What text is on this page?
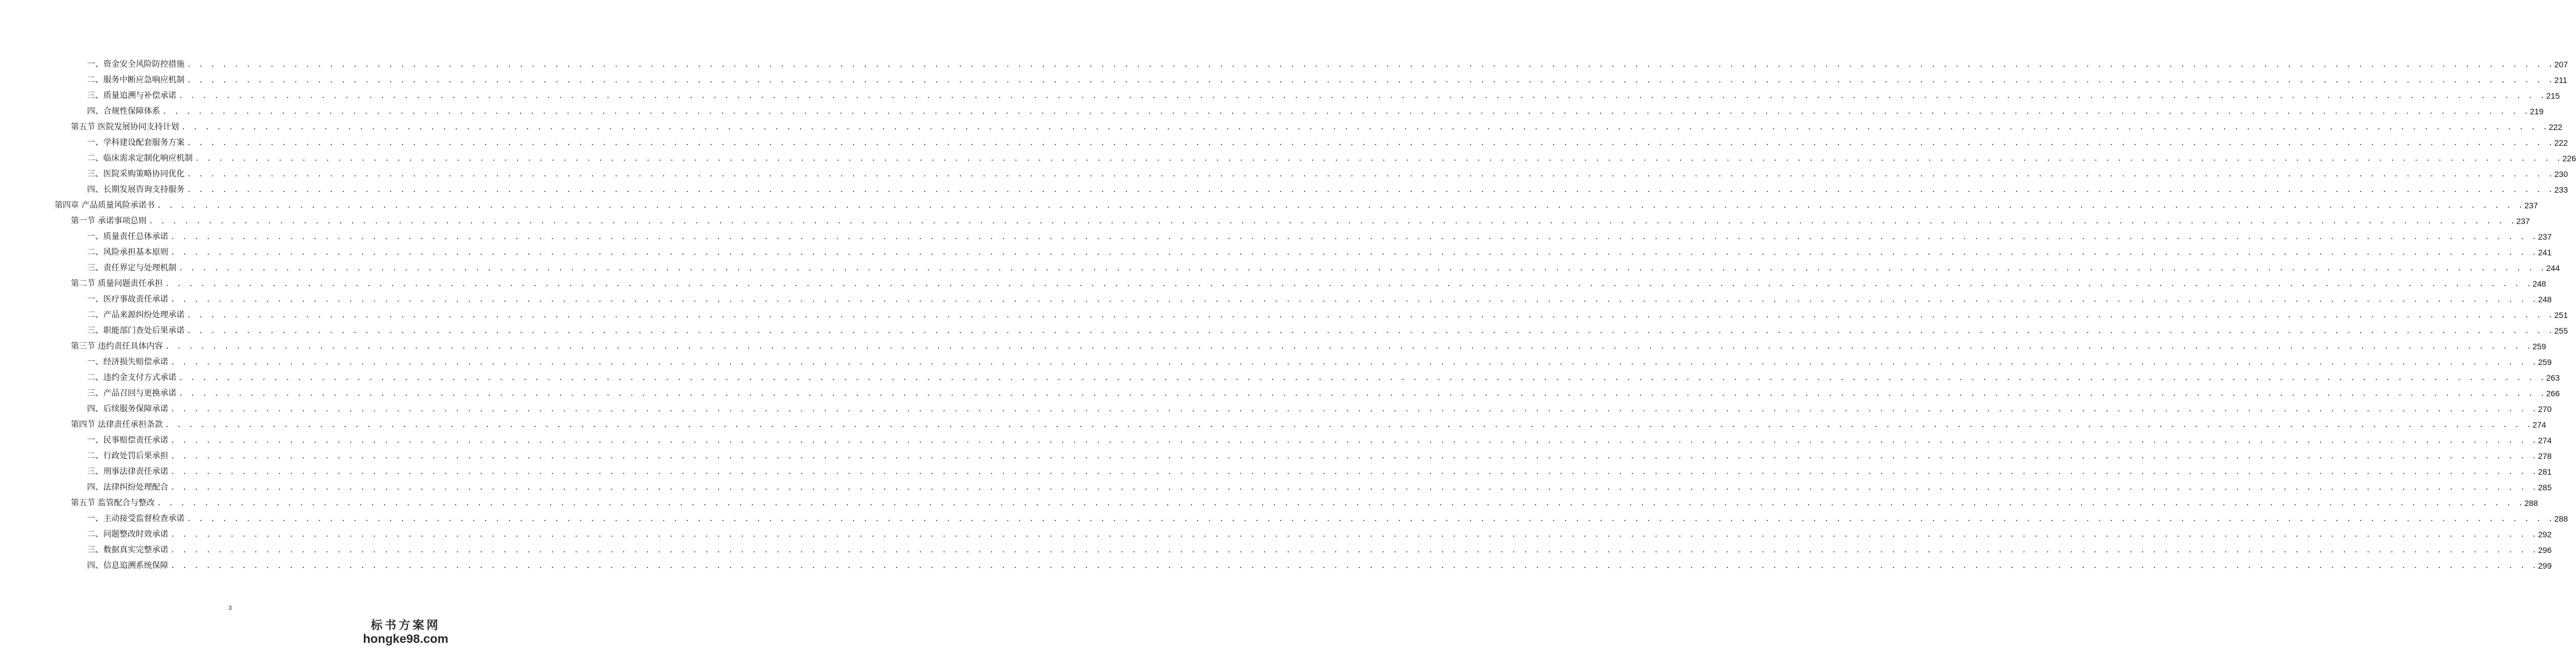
一、资金安全风险防控措施 . . . . . . . . . . . . . . . . . . . . . . . . . . . . . . . . . . . . . . . . . . . . . . . . . . . . . . . . . . . . . . . . . . . . . . . . . . . . . . . . . . . . . . . . . . . . . . . . . . . . . . . . . . . . . . . . . . . . . . . . . . . . . . . . . . . . . . . . . . . . . . . . . . . . . . . . . . . . . . . . . . . . . . . . . . . . . . . . . . . . . . . . . . . . . . . . . . . . . . . . 207
二、服务中断应急响应机制 . . . . . . . . . . . . . . . . . . . . . . . . . . . . . . . . . . . . . . . . . . . . . . . . . . . . . . . . . . . . . . . . . . . . . . . . . . . . . . . . . . . . . . . . . . . . . . . . . . . . . . . . . . . . . . . . . . . . . . . . . . . . . . . . . . . . . . . . . . . . . . . . . . . . . . . . . . . . . . . . . . . . . . . . . . . . . . . . . . . . . . . . . . . . . . . . . . . . . . . . 211
三、质量追溯与补偿承诺 . . . . . . . . . . . . . . . . . . . . . . . . . . . . . . . . . . . . . . . . . . . . . . . . . . . . . . . . . . . . . . . . . . . . . . . . . . . . . . . . . . . . . . . . . . . . . . . . . . . . . . . . . . . . . . . . . . . . . . . . . . . . . . . . . . . . . . . . . . . . . . . . . . . . . . . . . . . . . . . . . . . . . . . . . . . . . . . . . . . . . . . . . . . . . . . . . . . . . . . . 215
四、合规性保障体系 . . . . . . . . . . . . . . . . . . . . . . . . . . . . . . . . . . . . . . . . . . . . . . . . . . . . . . . . . . . . . . . . . . . . . . . . . . . . . . . . . . . . . . . . . . . . . . . . . . . . . . . . . . . . . . . . . . . . . . . . . . . . . . . . . . . . . . . . . . . . . . . . . . . . . . . . . . . . . . . . . . . . . . . . . . . . . . . . . . . . . . . . . . . . . . . . . . . . . . . . 219
第五节 医院发展协同支持计划 . . . . . . . . . . . . . . . . . . . . . . . . . . . . . . . . . . . . . . . . . . . . . . . . . . . . . . . . . . . . . . . . . . . . . . . . . . . . . . . . . . . . . . . . . . . . . . . . . . . . . . . . . . . . . . . . . . . . . . . . . . . . . . . . . . . . . . . . . . . . . . . . . . . . . . . . . . . . . . . . . . . . . . . . . . . . . . . . . . . . . . . . . . . . . . . . . . . . . . . . 222
一、学科建设配套服务方案 . . . . . . . . . . . . . . . . . . . . . . . . . . . . . . . . . . . . . . . . . . . . . . . . . . . . . . . . . . . . . . . . . . . . . . . . . . . . . . . . . . . . . . . . . . . . . . . . . . . . . . . . . . . . . . . . . . . . . . . . . . . . . . . . . . . . . . . . . . . . . . . . . . . . . . . . . . . . . . . . . . . . . . . . . . . . . . . . . . . . . . . . . . . . . . . . . . . . . . . . 222
二、临床需求定制化响应机制 . . . . . . . . . . . . . . . . . . . . . . . . . . . . . . . . . . . . . . . . . . . . . . . . . . . . . . . . . . . . . . . . . . . . . . . . . . . . . . . . . . . . . . . . . . . . . . . . . . . . . . . . . . . . . . . . . . . . . . . . . . . . . . . . . . . . . . . . . . . . . . . . . . . . . . . . . . . . . . . . . . . . . . . . . . . . . . . . . . . . . . . . . . . . . . . . . . . . . . . . 226
三、医院采购策略协同优化 . . . . . . . . . . . . . . . . . . . . . . . . . . . . . . . . . . . . . . . . . . . . . . . . . . . . . . . . . . . . . . . . . . . . . . . . . . . . . . . . . . . . . . . . . . . . . . . . . . . . . . . . . . . . . . . . . . . . . . . . . . . . . . . . . . . . . . . . . . . . . . . . . . . . . . . . . . . . . . . . . . . . . . . . . . . . . . . . . . . . . . . . . . . . . . . . . . . . . . . . 230
四、长期发展咨询支持服务 . . . . . . . . . . . . . . . . . . . . . . . . . . . . . . . . . . . . . . . . . . . . . . . . . . . . . . . . . . . . . . . . . . . . . . . . . . . . . . . . . . . . . . . . . . . . . . . . . . . . . . . . . . . . . . . . . . . . . . . . . . . . . . . . . . . . . . . . . . . . . . . . . . . . . . . . . . . . . . . . . . . . . . . . . . . . . . . . . . . . . . . . . . . . . . . . . . . . . . . . 233
第四章 产品质量风险承诺书 . . . . . . . . . . . . . . . . . . . . . . . . . . . . . . . . . . . . . . . . . . . . . . . . . . . . . . . . . . . . . . . . . . . . . . . . . . . . . . . . . . . . . . . . . . . . . . . . . . . . . . . . . . . . . . . . . . . . . . . . . . . . . . . . . . . . . . . . . . . . . . . . . . . . . . . . . . . . . . . . . . . . . . . . . . . . . . . . . . . . . . . . . . . . . . . . . . . . . . . . 237
第一节 承诺事项总则 . . . . . . . . . . . . . . . . . . . . . . . . . . . . . . . . . . . . . . . . . . . . . . . . . . . . . . . . . . . . . . . . . . . . . . . . . . . . . . . . . . . . . . . . . . . . . . . . . . . . . . . . . . . . . . . . . . . . . . . . . . . . . . . . . . . . . . . . . . . . . . . . . . . . . . . . . . . . . . . . . . . . . . . . . . . . . . . . . . . . . . . . . . . . . . . . . . . . . . . . 237
一、质量责任总体承诺 . . . . . . . . . . . . . . . . . . . . . . . . . . . . . . . . . . . . . . . . . . . . . . . . . . . . . . . . . . . . . . . . . . . . . . . . . . . . . . . . . . . . . . . . . . . . . . . . . . . . . . . . . . . . . . . . . . . . . . . . . . . . . . . . . . . . . . . . . . . . . . . . . . . . . . . . . . . . . . . . . . . . . . . . . . . . . . . . . . . . . . . . . . . . . . . . . . . . . . . . 237
二、风险承担基本原则 . . . . . . . . . . . . . . . . . . . . . . . . . . . . . . . . . . . . . . . . . . . . . . . . . . . . . . . . . . . . . . . . . . . . . . . . . . . . . . . . . . . . . . . . . . . . . . . . . . . . . . . . . . . . . . . . . . . . . . . . . . . . . . . . . . . . . . . . . . . . . . . . . . . . . . . . . . . . . . . . . . . . . . . . . . . . . . . . . . . . . . . . . . . . . . . . . . . . . . . . 241
三、责任界定与处理机制 . . . . . . . . . . . . . . . . . . . . . . . . . . . . . . . . . . . . . . . . . . . . . . . . . . . . . . . . . . . . . . . . . . . . . . . . . . . . . . . . . . . . . . . . . . . . . . . . . . . . . . . . . . . . . . . . . . . . . . . . . . . . . . . . . . . . . . . . . . . . . . . . . . . . . . . . . . . . . . . . . . . . . . . . . . . . . . . . . . . . . . . . . . . . . . . . . . . . . . . . 244
第二节 质量问题责任承担 . . . . . . . . . . . . . . . . . . . . . . . . . . . . . . . . . . . . . . . . . . . . . . . . . . . . . . . . . . . . . . . . . . . . . . . . . . . . . . . . . . . . . . . . . . . . . . . . . . . . . . . . . . . . . . . . . . . . . . . . . . . . . . . . . . . . . . . . . . . . . . . . . . . . . . . . . . . . . . . . . . . . . . . . . . . . . . . . . . . . . . . . . . . . . . . . . . . . . . . . 248
一、医疗事故责任承诺 . . . . . . . . . . . . . . . . . . . . . . . . . . . . . . . . . . . . . . . . . . . . . . . . . . . . . . . . . . . . . . . . . . . . . . . . . . . . . . . . . . . . . . . . . . . . . . . . . . . . . . . . . . . . . . . . . . . . . . . . . . . . . . . . . . . . . . . . . . . . . . . . . . . . . . . . . . . . . . . . . . . . . . . . . . . . . . . . . . . . . . . . . . . . . . . . . . . . . . . . 248
二、产品来源纠纷处理承诺 . . . . . . . . . . . . . . . . . . . . . . . . . . . . . . . . . . . . . . . . . . . . . . . . . . . . . . . . . . . . . . . . . . . . . . . . . . . . . . . . . . . . . . . . . . . . . . . . . . . . . . . . . . . . . . . . . . . . . . . . . . . . . . . . . . . . . . . . . . . . . . . . . . . . . . . . . . . . . . . . . . . . . . . . . . . . . . . . . . . . . . . . . . . . . . . . . . . . . . . . 251
三、职能部门查处后果承诺 . . . . . . . . . . . . . . . . . . . . . . . . . . . . . . . . . . . . . . . . . . . . . . . . . . . . . . . . . . . . . . . . . . . . . . . . . . . . . . . . . . . . . . . . . . . . . . . . . . . . . . . . . . . . . . . . . . . . . . . . . . . . . . . . . . . . . . . . . . . . . . . . . . . . . . . . . . . . . . . . . . . . . . . . . . . . . . . . . . . . . . . . . . . . . . . . . . . . . . . . 255
第三节 违约责任具体内容 . . . . . . . . . . . . . . . . . . . . . . . . . . . . . . . . . . . . . . . . . . . . . . . . . . . . . . . . . . . . . . . . . . . . . . . . . . . . . . . . . . . . . . . . . . . . . . . . . . . . . . . . . . . . . . . . . . . . . . . . . . . . . . . . . . . . . . . . . . . . . . . . . . . . . . . . . . . . . . . . . . . . . . . . . . . . . . . . . . . . . . . . . . . . . . . . . . . . . . . . 259
一、经济损失赔偿承诺 . . . . . . . . . . . . . . . . . . . . . . . . . . . . . . . . . . . . . . . . . . . . . . . . . . . . . . . . . . . . . . . . . . . . . . . . . . . . . . . . . . . . . . . . . . . . . . . . . . . . . . . . . . . . . . . . . . . . . . . . . . . . . . . . . . . . . . . . . . . . . . . . . . . . . . . . . . . . . . . . . . . . . . . . . . . . . . . . . . . . . . . . . . . . . . . . . . . . . . . . 259
二、违约金支付方式承诺 . . . . . . . . . . . . . . . . . . . . . . . . . . . . . . . . . . . . . . . . . . . . . . . . . . . . . . . . . . . . . . . . . . . . . . . . . . . . . . . . . . . . . . . . . . . . . . . . . . . . . . . . . . . . . . . . . . . . . . . . . . . . . . . . . . . . . . . . . . . . . . . . . . . . . . . . . . . . . . . . . . . . . . . . . . . . . . . . . . . . . . . . . . . . . . . . . . . . . . . . 263
三、产品召回与更换承诺 . . . . . . . . . . . . . . . . . . . . . . . . . . . . . . . . . . . . . . . . . . . . . . . . . . . . . . . . . . . . . . . . . . . . . . . . . . . . . . . . . . . . . . . . . . . . . . . . . . . . . . . . . . . . . . . . . . . . . . . . . . . . . . . . . . . . . . . . . . . . . . . . . . . . . . . . . . . . . . . . . . . . . . . . . . . . . . . . . . . . . . . . . . . . . . . . . . . . . . . . 266
四、后续服务保障承诺 . . . . . . . . . . . . . . . . . . . . . . . . . . . . . . . . . . . . . . . . . . . . . . . . . . . . . . . . . . . . . . . . . . . . . . . . . . . . . . . . . . . . . . . . . . . . . . . . . . . . . . . . . . . . . . . . . . . . . . . . . . . . . . . . . . . . . . . . . . . . . . . . . . . . . . . . . . . . . . . . . . . . . . . . . . . . . . . . . . . . . . . . . . . . . . . . . . . . . . . . 270
第四节 法律责任承担条款 . . . . . . . . . . . . . . . . . . . . . . . . . . . . . . . . . . . . . . . . . . . . . . . . . . . . . . . . . . . . . . . . . . . . . . . . . . . . . . . . . . . . . . . . . . . . . . . . . . . . . . . . . . . . . . . . . . . . . . . . . . . . . . . . . . . . . . . . . . . . . . . . . . . . . . . . . . . . . . . . . . . . . . . . . . . . . . . . . . . . . . . . . . . . . . . . . . . . . . . . 274
一、民事赔偿责任承诺 . . . . . . . . . . . . . . . . . . . . . . . . . . . . . . . . . . . . . . . . . . . . . . . . . . . . . . . . . . . . . . . . . . . . . . . . . . . . . . . . . . . . . . . . . . . . . . . . . . . . . . . . . . . . . . . . . . . . . . . . . . . . . . . . . . . . . . . . . . . . . . . . . . . . . . . . . . . . . . . . . . . . . . . . . . . . . . . . . . . . . . . . . . . . . . . . . . . . . . . . 274
二、行政处罚后果承担 . . . . . . . . . . . . . . . . . . . . . . . . . . . . . . . . . . . . . . . . . . . . . . . . . . . . . . . . . . . . . . . . . . . . . . . . . . . . . . . . . . . . . . . . . . . . . . . . . . . . . . . . . . . . . . . . . . . . . . . . . . . . . . . . . . . . . . . . . . . . . . . . . . . . . . . . . . . . . . . . . . . . . . . . . . . . . . . . . . . . . . . . . . . . . . . . . . . . . . . . 278
三、刑事法律责任承诺 . . . . . . . . . . . . . . . . . . . . . . . . . . . . . . . . . . . . . . . . . . . . . . . . . . . . . . . . . . . . . . . . . . . . . . . . . . . . . . . . . . . . . . . . . . . . . . . . . . . . . . . . . . . . . . . . . . . . . . . . . . . . . . . . . . . . . . . . . . . . . . . . . . . . . . . . . . . . . . . . . . . . . . . . . . . . . . . . . . . . . . . . . . . . . . . . . . . . . . . . 281
四、法律纠纷处理配合 . . . . . . . . . . . . . . . . . . . . . . . . . . . . . . . . . . . . . . . . . . . . . . . . . . . . . . . . . . . . . . . . . . . . . . . . . . . . . . . . . . . . . . . . . . . . . . . . . . . . . . . . . . . . . . . . . . . . . . . . . . . . . . . . . . . . . . . . . . . . . . . . . . . . . . . . . . . . . . . . . . . . . . . . . . . . . . . . . . . . . . . . . . . . . . . . . . . . . . . . 285
第五节 监管配合与整改 . . . . . . . . . . . . . . . . . . . . . . . . . . . . . . . . . . . . . . . . . . . . . . . . . . . . . . . . . . . . . . . . . . . . . . . . . . . . . . . . . . . . . . . . . . . . . . . . . . . . . . . . . . . . . . . . . . . . . . . . . . . . . . . . . . . . . . . . . . . . . . . . . . . . . . . . . . . . . . . . . . . . . . . . . . . . . . . . . . . . . . . . . . . . . . . . . . . . . . . . 288
一、主动接受监督检查承诺 . . . . . . . . . . . . . . . . . . . . . . . . . . . . . . . . . . . . . . . . . . . . . . . . . . . . . . . . . . . . . . . . . . . . . . . . . . . . . . . . . . . . . . . . . . . . . . . . . . . . . . . . . . . . . . . . . . . . . . . . . . . . . . . . . . . . . . . . . . . . . . . . . . . . . . . . . . . . . . . . . . . . . . . . . . . . . . . . . . . . . . . . . . . . . . . . . . . . . . . . 288
二、问题整改时效承诺 . . . . . . . . . . . . . . . . . . . . . . . . . . . . . . . . . . . . . . . . . . . . . . . . . . . . . . . . . . . . . . . . . . . . . . . . . . . . . . . . . . . . . . . . . . . . . . . . . . . . . . . . . . . . . . . . . . . . . . . . . . . . . . . . . . . . . . . . . . . . . . . . . . . . . . . . . . . . . . . . . . . . . . . . . . . . . . . . . . . . . . . . . . . . . . . . . . . . . . . . 292
三、数据真实完整承诺 . . . . . . . . . . . . . . . . . . . . . . . . . . . . . . . . . . . . . . . . . . . . . . . . . . . . . . . . . . . . . . . . . . . . . . . . . . . . . . . . . . . . . . . . . . . . . . . . . . . . . . . . . . . . . . . . . . . . . . . . . . . . . . . . . . . . . . . . . . . . . . . . . . . . . . . . . . . . . . . . . . . . . . . . . . . . . . . . . . . . . . . . . . . . . . . . . . . . . . . . 296
四、信息追溯系统保障 . . . . . . . . . . . . . . . . . . . . . . . . . . . . . . . . . . . . . . . . . . . . . . . . . . . . . . . . . . . . . . . . . . . . . . . . . . . . . . . . . . . . . . . . . . . . . . . . . . . . . . . . . . . . . . . . . . . . . . . . . . . . . . . . . . . . . . . . . . . . . . . . . . . . . . . . . . . . . . . . . . . . . . . . . . . . . . . . . . . . . . . . . . . . . . . . . . . . . . . . 299
3
标书方案网
hongke98.com
